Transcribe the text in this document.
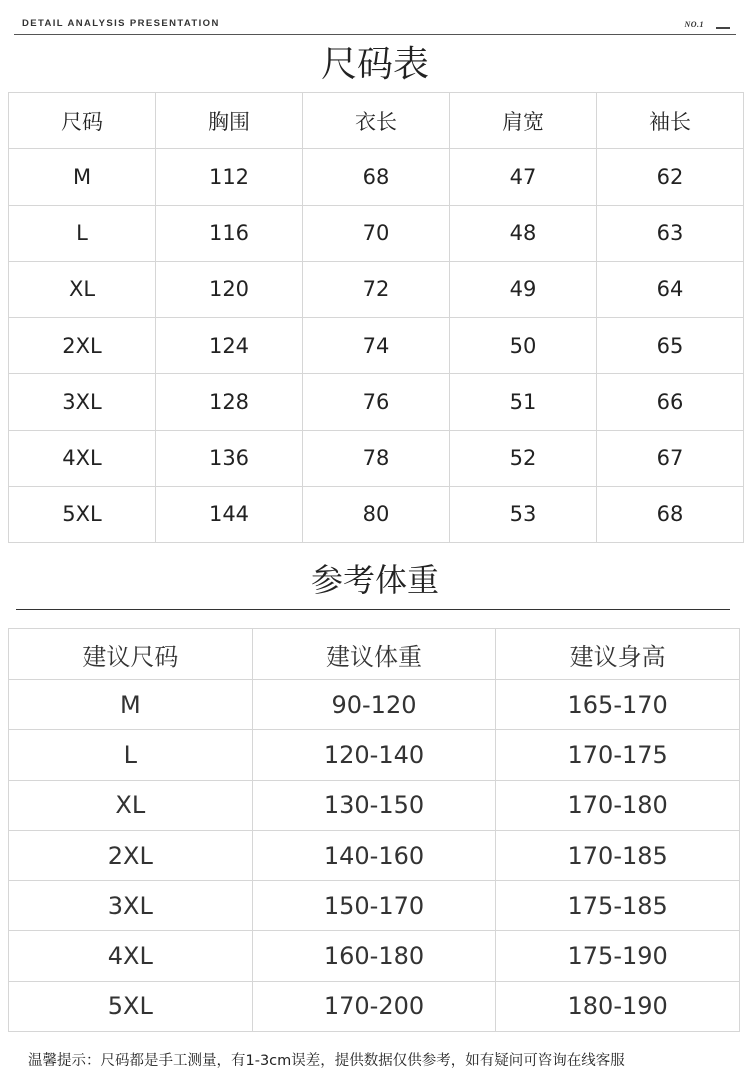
DETAIL ANALYSIS PRESENTATION	NO.1
尺码表
尺码	胸围	衣长	肩宽	袖长
M	112	68	47	62
L	116	70	48	63
XL	120	72	49	64
2XL	124	74	50	65
3XL	128	76	51	66
4XL	136	78	52	67
5XL	144	80	53	68
参考体重
建议尺码	建议体重	建议身高
M	90-120	165-170
L	120-140	170-175
XL	130-150	170-180
2XL	140-160	170-185
3XL	150-170	175-185
4XL	160-180	175-190
5XL	170-200	180-190
温馨提示：尺码都是手工测量，有1-3cm误差，提供数据仅供参考，如有疑问可咨询在线客服
